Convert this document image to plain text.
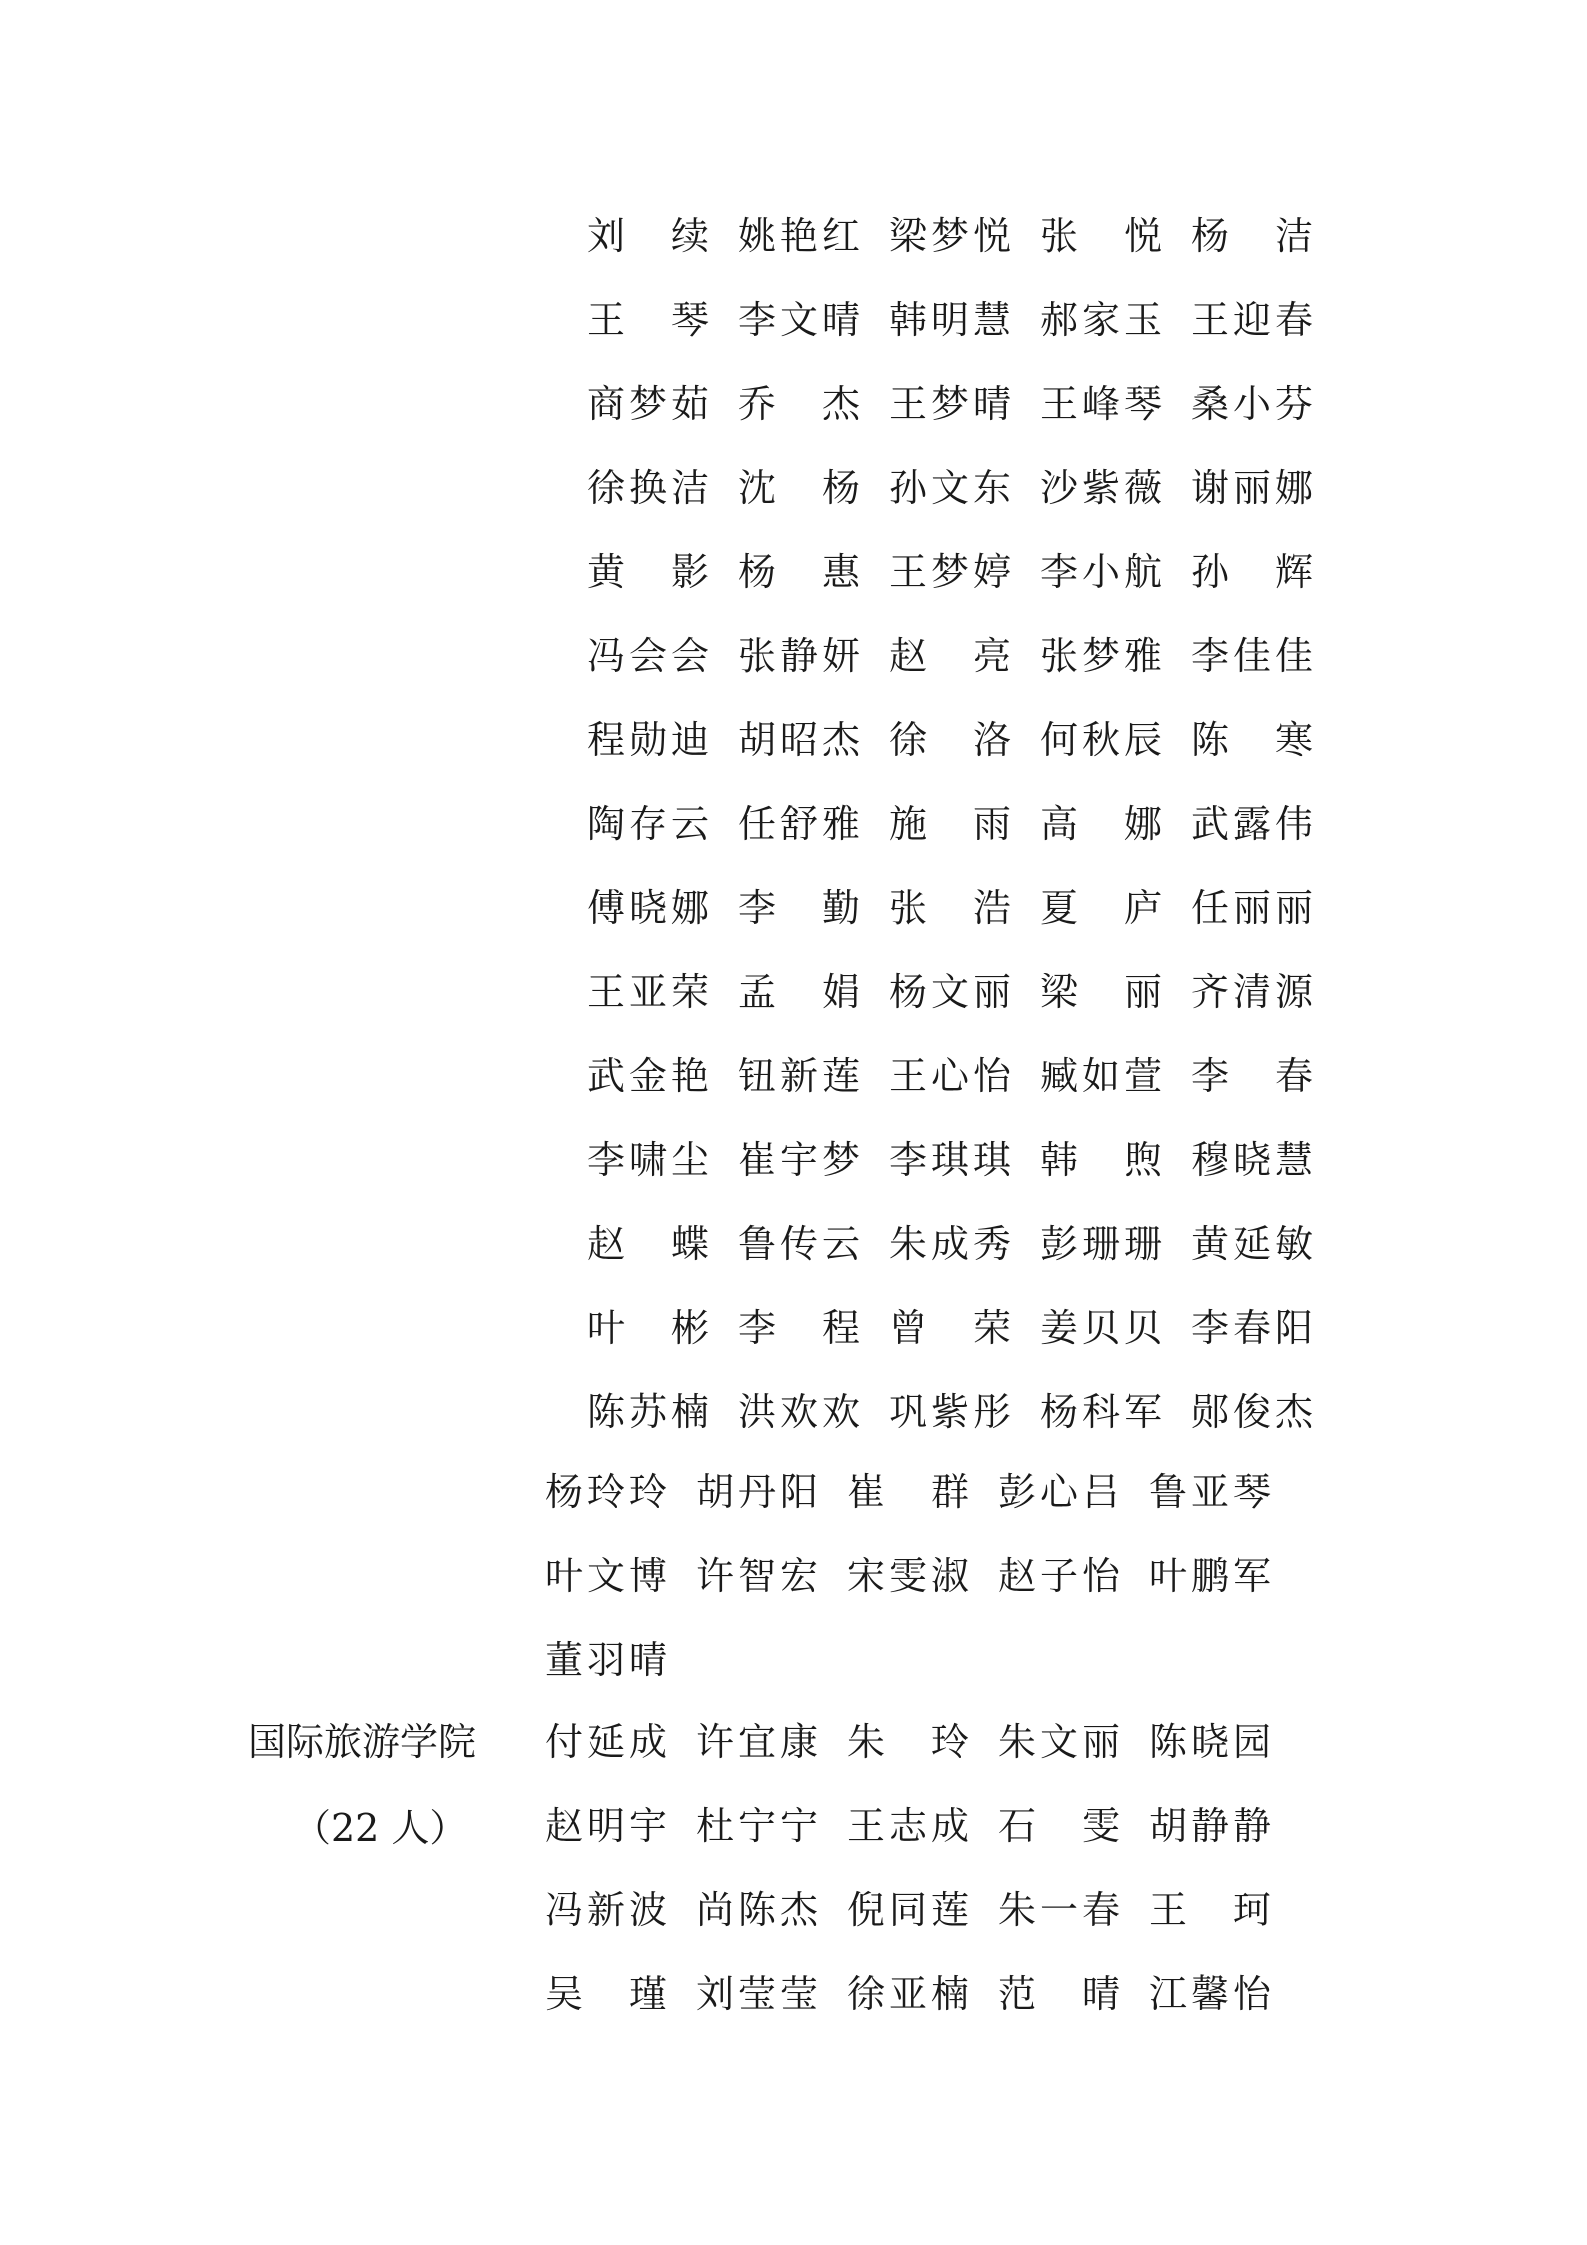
刘 续 姚 艳 红 梁 梦 悦 张 悦 杨 洁
王 琴 李 文 晴 韩 明 慧 郝 家 玉 王 迎 春
商 梦 茹 乔 杰 王 梦 晴 王 峰 琴 桑 小 芬
徐 换 洁 沈 杨 孙 文 东 沙 紫 薇 谢 丽 娜
黄 影 杨 惠 王 梦 婷 李 小 航 孙 辉
冯 会 会 张 静 妍 赵 亮 张 梦 雅 李 佳 佳
程 勋 迪 胡 昭 杰 徐 洛 何 秋 辰 陈 寒
陶 存 云 任 舒 雅 施 雨 高 娜 武 露 伟
傅 晓 娜 李 勤 张 浩 夏 庐 任 丽 丽
王 亚 荣 孟 娟 杨 文 丽 梁 丽 齐 清 源
武 金 艳 钮 新 莲 王 心 怡 臧 如 萱 李 春
李 啸 尘 崔 宇 梦 李 琪 琪 韩 煦 穆 晓 慧
赵 蝶 鲁 传 云 朱 成 秀 彭 珊 珊 黄 延 敏
叶 彬 李 程 曾 荣 姜 贝 贝 李 春 阳
陈 苏 楠 洪 欢 欢 巩 紫 彤 杨 科 军 郧 俊 杰
杨 玲 玲 胡 丹 阳 崔 群 彭 心 吕 鲁 亚 琴
叶 文 博 许 智 宏 宋 雯 淑 赵 子 怡 叶 鹏 军
董 羽 晴
国际旅游学院
（22 人）
付 延 成 许 宜 康 朱 玲 朱 文 丽 陈 晓 园
赵 明 宇 杜 宁 宁 王 志 成 石 雯 胡 静 静
冯 新 波 尚 陈 杰 倪 同 莲 朱 一 春 王 珂
吴 瑾 刘 莹 莹 徐 亚 楠 范 晴 江 馨 怡
